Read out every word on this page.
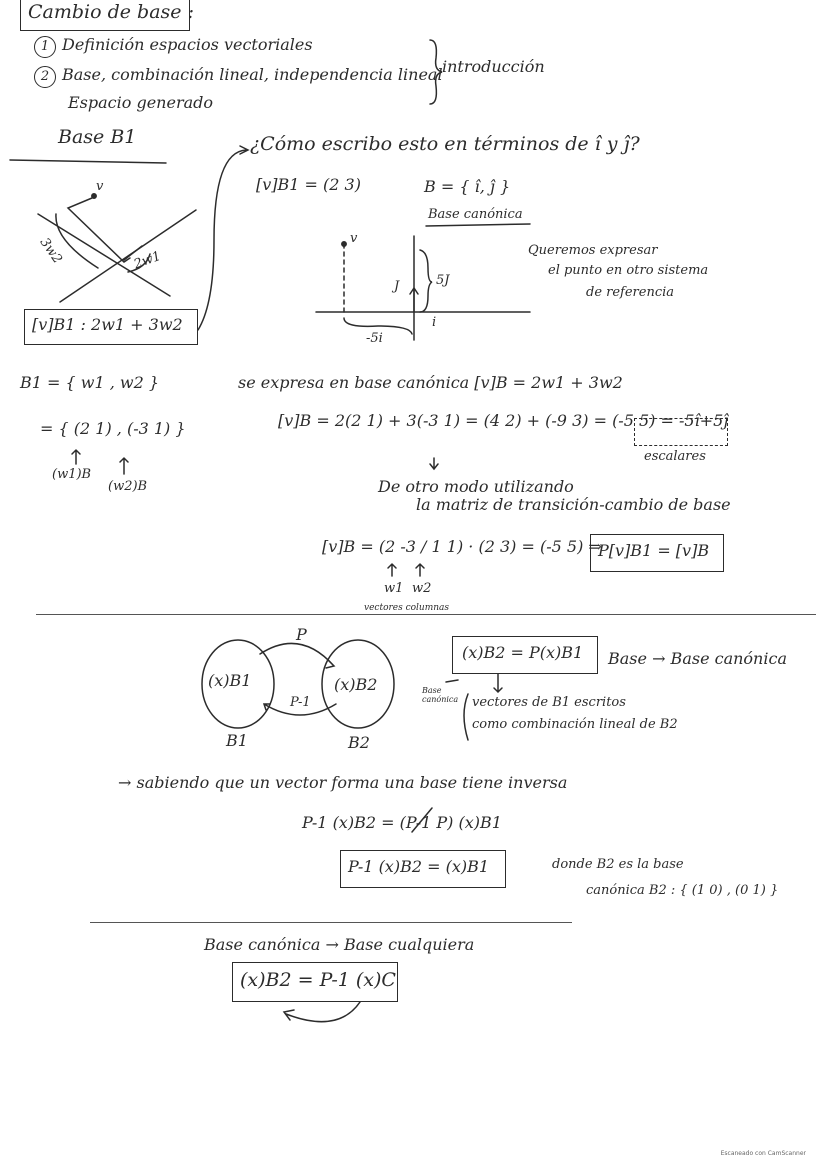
Cambio de base :
1 Definición espacios vectoriales
2 Base, combinación lineal, independencia lineal
Espacio generado
introducción
Base B1	¿Cómo escribo esto en términos de î y ĵ?
[v]B1 = (2 3)	B = { î, ĵ }
Base canónica
Queremos expresar
el punto en otro sistema
de referencia
v
2w1
3w2	v
J	5J
i
-5i
[v]B1 : 2w1 + 3w2
B1 = { w1 , w2 }
= { (2 1) , (-3 1) }
(w1)B
(w2)B
se expresa en base canónica [v]B = 2w1 + 3w2
[v]B = 2(2 1) + 3(-3 1) = (4 2) + (-9 3) = (-5 5) = -5î+5ĵ
escalares
De otro modo utilizando
la matriz de transición-cambio de base
[v]B = (2 -3 / 1 1) · (2 3) = (-5 5) ⇒
P[v]B1 = [v]B
w1 w2
vectores columnas
P
(x)B1	(x)B2
P-1
B1	B2
(x)B2 = P(x)B1 Base → Base canónica
Base canónica vectores de B1 escritos
como combinación lineal de B2
→ sabiendo que un vector forma una base tiene inversa
P-1 (x)B2 = (P-1 P) (x)B1
P-1 (x)B2 = (x)B1	donde B2 es la base
canónica B2 : { (1 0) , (0 1) }
Base canónica → Base cualquiera
(x)B2 = P-1 (x)C
Escaneado con CamScanner
